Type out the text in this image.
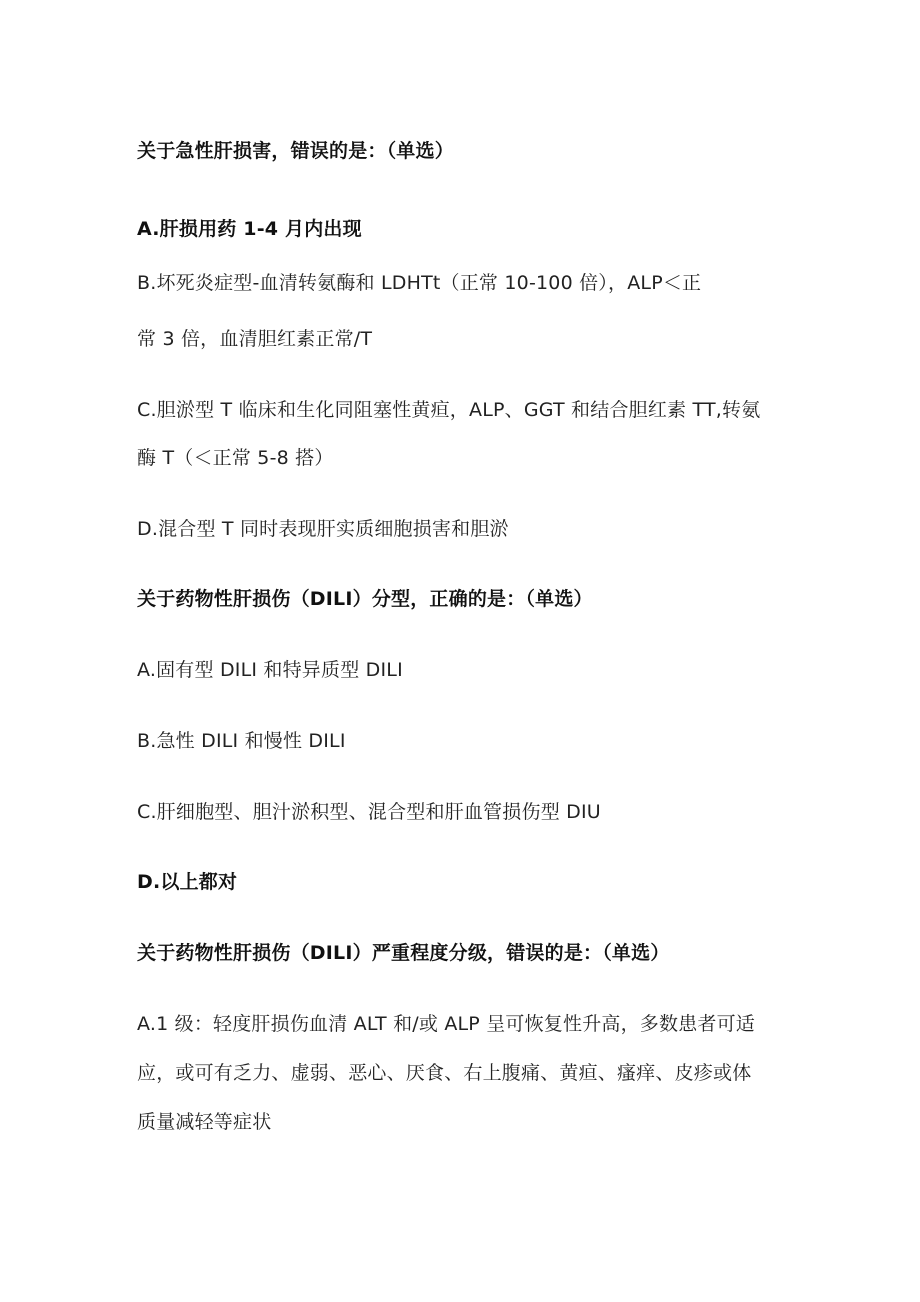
关于急性肝损害，错误的是：（单选）
A.肝损用药 1-4 月内出现
B.坏死炎症型-血清转氨酶和 LDHTt（正常 10-100 倍），ALP＜正
常 3 倍，血清胆红素正常/T
C.胆淤型 T 临床和生化同阻塞性黄疸，ALP、GGT 和结合胆红素 TT,转氨
酶 T（＜正常 5-8 搭）
D.混合型 T 同时表现肝实质细胞损害和胆淤
关于药物性肝损伤（DILI）分型，正确的是：（单选）
A.固有型 DILI 和特异质型 DILI
B.急性 DILI 和慢性 DILI
C.肝细胞型、胆汁淤积型、混合型和肝血管损伤型 DIU
D.以上都对
关于药物性肝损伤（DILI）严重程度分级，错误的是：（单选）
A.1 级：轻度肝损伤血清 ALT 和/或 ALP 呈可恢复性升高，多数患者可适
应，或可有乏力、虚弱、恶心、厌食、右上腹痛、黄疸、瘙痒、皮疹或体
质量减轻等症状
